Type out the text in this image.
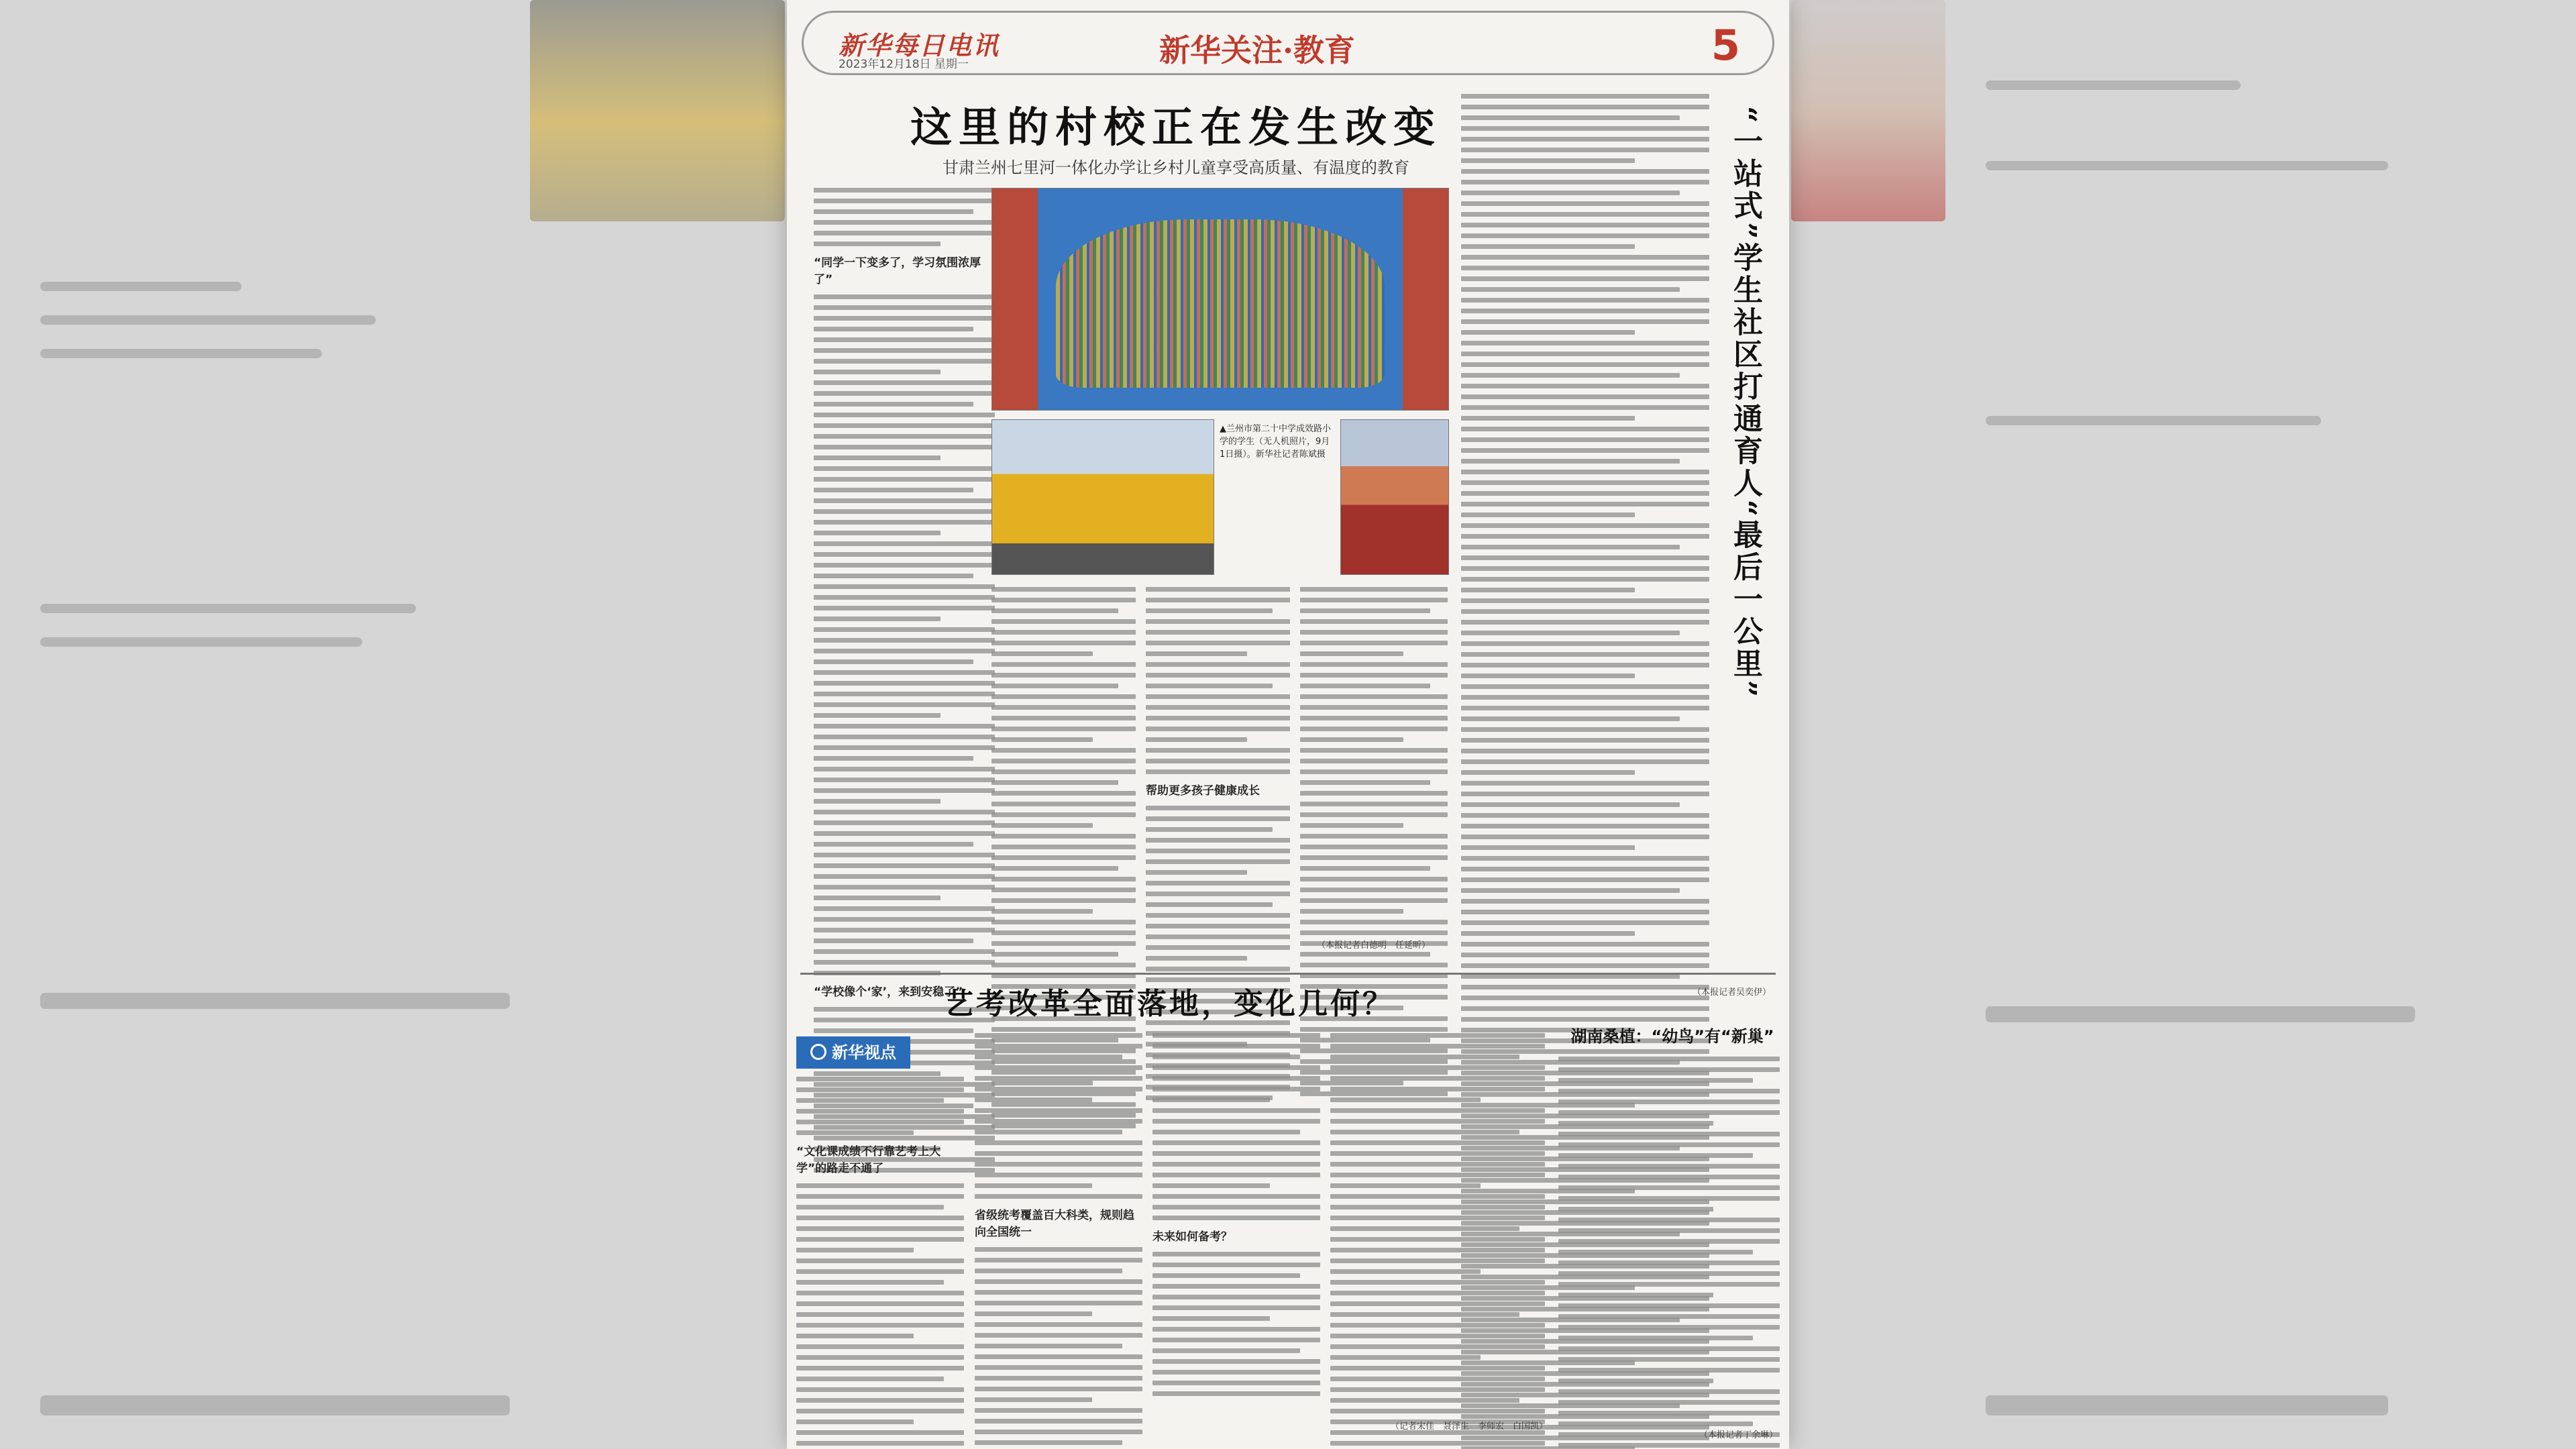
新华每日电讯
2023年12月18日 星期一	新华关注·教育	5
这里的村校正在发生改变
甘肃兰州七里河一体化办学让乡村儿童享受高质量、有温度的教育
“同学一下变多了，学习氛围浓厚了”
“学校像个‘家’，来到安稳了”
▲兰州市第二十中学成效路小学的学生（无人机照片，9月1日摄）。新华社记者陈斌摄
帮助更多孩子健康成长
（本报记者白德明　任延昕）
“一站式”学生社区打通育人“最后一公里”
（本报记者吴奕伊）
艺考改革全面落地，变化几何？
新华视点
湖南桑植：“幼鸟”有“新巢”
“文化课成绩不行靠艺考上大学”的路走不通了
省级统考覆盖百大科类，规则趋向全国统一	未来如何备考？
（记者宋佳　聂泽生　李师宏　白国凯）
（本报记者丁余琳）
